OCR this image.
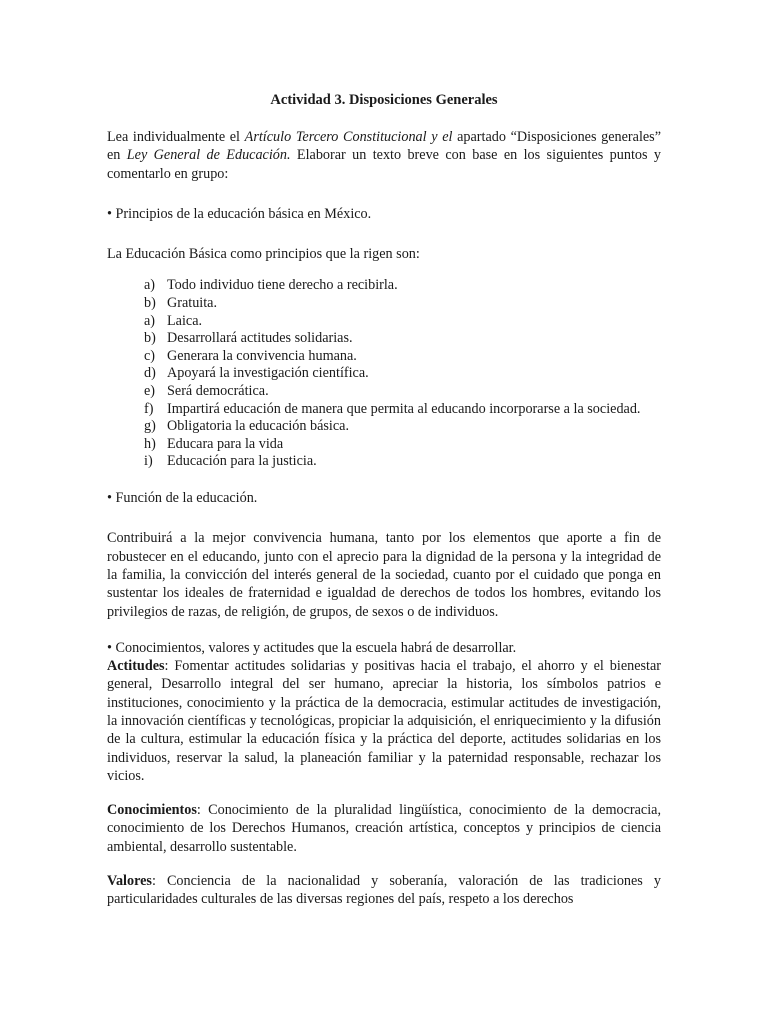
Actividad 3. Disposiciones Generales

Lea individualmente el Artículo Tercero Constitucional y el apartado “Disposiciones generales” en Ley General de Educación. Elaborar un texto breve con base en los siguientes puntos y comentarlo en grupo:

• Principios de la educación básica en México.

La Educación Básica como principios que la rigen son:

a) Todo individuo tiene derecho a recibirla.
b) Gratuita.
a) Laica.
b) Desarrollará actitudes solidarias.
c) Generara la convivencia humana.
d) Apoyará la investigación científica.
e) Será democrática.
f) Impartirá educación de manera que permita al educando incorporarse a la sociedad.
g) Obligatoria la educación básica.
h) Educara para la vida
i)	Educación para la justicia.

• Función de la educación.

Contribuirá a la mejor convivencia humana, tanto por los elementos que aporte a fin de robustecer en el educando, junto con el aprecio para la dignidad de la persona y la integridad de la familia, la convicción del interés general de la sociedad, cuanto por el cuidado que ponga en sustentar los ideales de fraternidad e igualdad de derechos de todos los hombres, evitando los privilegios de razas, de religión, de grupos, de sexos o de individuos.

• Conocimientos, valores y actitudes que la escuela habrá de desarrollar.

Actitudes: Fomentar actitudes solidarias y positivas hacia el trabajo, el ahorro y el bienestar general, Desarrollo integral del ser humano, apreciar la historia, los símbolos patrios e instituciones, conocimiento y la práctica de la democracia, estimular actitudes de investigación, la innovación científicas y tecnológicas, propiciar la adquisición, el enriquecimiento y la difusión de la cultura, estimular la educación física y la práctica del deporte, actitudes solidarias en los individuos, reservar la salud, la planeación familiar y la paternidad responsable, rechazar los vicios.

Conocimientos: Conocimiento de la pluralidad lingüística, conocimiento de la democracia, conocimiento de los Derechos Humanos, creación artística, conceptos y principios de ciencia ambiental, desarrollo sustentable.

Valores: Conciencia de la nacionalidad y soberanía, valoración de las tradiciones y particularidades culturales de las diversas regiones del país, respeto a los derechos
